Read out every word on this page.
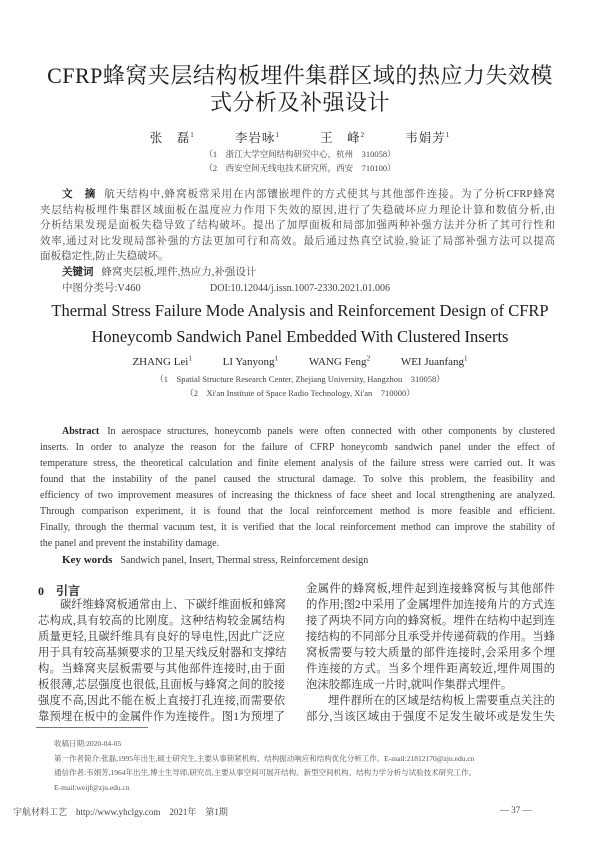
CFRP蜂窝夹层结构板埋件集群区域的热应力失效模
式分析及补强设计
张　磊$^1$	李岩咏$^1$	王　峰$^2$	韦娟芳$^1$
（1　浙江大学空间结构研究中心，杭州　310058）
（2　西安空间无线电技术研究所，西安　710100）
文　摘 航天结构中,蜂窝板常采用在内部镶嵌埋件的方式使其与其他部件连接。为了分析CFRP蜂窝
夹层结构板埋件集群区域面板在温度应力作用下失效的原因,进行了失稳破坏应力理论计算和数值分析,由
分析结果发现是面板失稳导致了结构破坏。提出了加厚面板和局部加强两种补强方法并分析了其可行性和
效率,通过对比发现局部补强的方法更加可行和高效。最后通过热真空试验,验证了局部补强方法可以提高
面板稳定性,防止失稳破坏。
关键词 蜂窝夹层板,埋件,热应力,补强设计
中图分类号:V460	DOI:10.12044/j.issn.1007-2330.2021.01.006
Thermal Stress Failure Mode Analysis and Reinforcement Design of CFRP
Honeycomb Sandwich Panel Embedded With Clustered Inserts
ZHANG Lei$^1$	LI Yanyong$^1$	WANG Feng$^2$	WEI Juanfang$^1$
（1　Spatial Structure Research Center, Zhejiang University, Hangzhou　310058）
（2　Xi'an Institute of Space Radio Technology, Xi'an　710000）
Abstract In aerospace structures, honeycomb panels were often connected with other components by clustered
inserts. In order to analyze the reason for the failure of CFRP honeycomb sandwich panel under the effect of
temperature stress, the theoretical calculation and finite element analysis of the failure stress were carried out. It was
found that the instability of the panel caused the structural damage. To solve this problem, the feasibility and
efficiency of two improvement measures of increasing the thickness of face sheet and local strengthening are analyzed.
Through comparison experiment, it is found that the local reinforcement method is more feasible and efficient.
Finally, through the thermal vacuum test, it is verified that the local reinforcement method can improve the stability of
the panel and prevent the instability damage.
Key words Sandwich panel, Insert, Thermal stress, Reinforcement design
0　引言
碳纤维蜂窝板通常由上、下碳纤维面板和蜂窝
芯构成,具有较高的比刚度。这种结构较金属结构
质量更轻,且碳纤维具有良好的导电性,因此广泛应
用于具有较高基频要求的卫星天线反射器和支撑结
构。当蜂窝夹层板需要与其他部件连接时,由于面
板很薄,芯层强度也很低,且面板与蜂窝之间的胶接
强度不高,因此不能在板上直接打孔连接,而需要依
靠预埋在板中的金属件作为连接件。图1为预埋了
金属件的蜂窝板,埋件起到连接蜂窝板与其他部件
的作用;图2中采用了金属埋件加连接角片的方式连
接了两块不同方向的蜂窝板。埋件在结构中起到连
接结构的不同部分且承受并传递荷载的作用。当蜂
窝板需要与较大质量的部件连接时,会采用多个埋
件连接的方式。当多个埋件距离较近,埋件周围的
泡沫胶都连成一片时,就叫作集群式埋件。
埋件群所在的区域是结构板上需要重点关注的
部分,当该区域由于强度不足发生破坏或是发生失
收稿日期:2020-04-05
第一作者简介:张磊,1995年出生,硕士研究生,主要从事锁紧机构、结构振动响应和结构优化分析工作。E-mail:21812170@zju.edu.cn
通信作者:韦娟芳,1964年出生,博士生导师,研究员,主要从事空间可展开结构、新型空间机构、结构力学分析与试验技术研究工作。
E-mail:weijf@zju.edu.cn
宇航材料工艺　http://www.yhclgy.com　2021年　第1期	— 37 —
